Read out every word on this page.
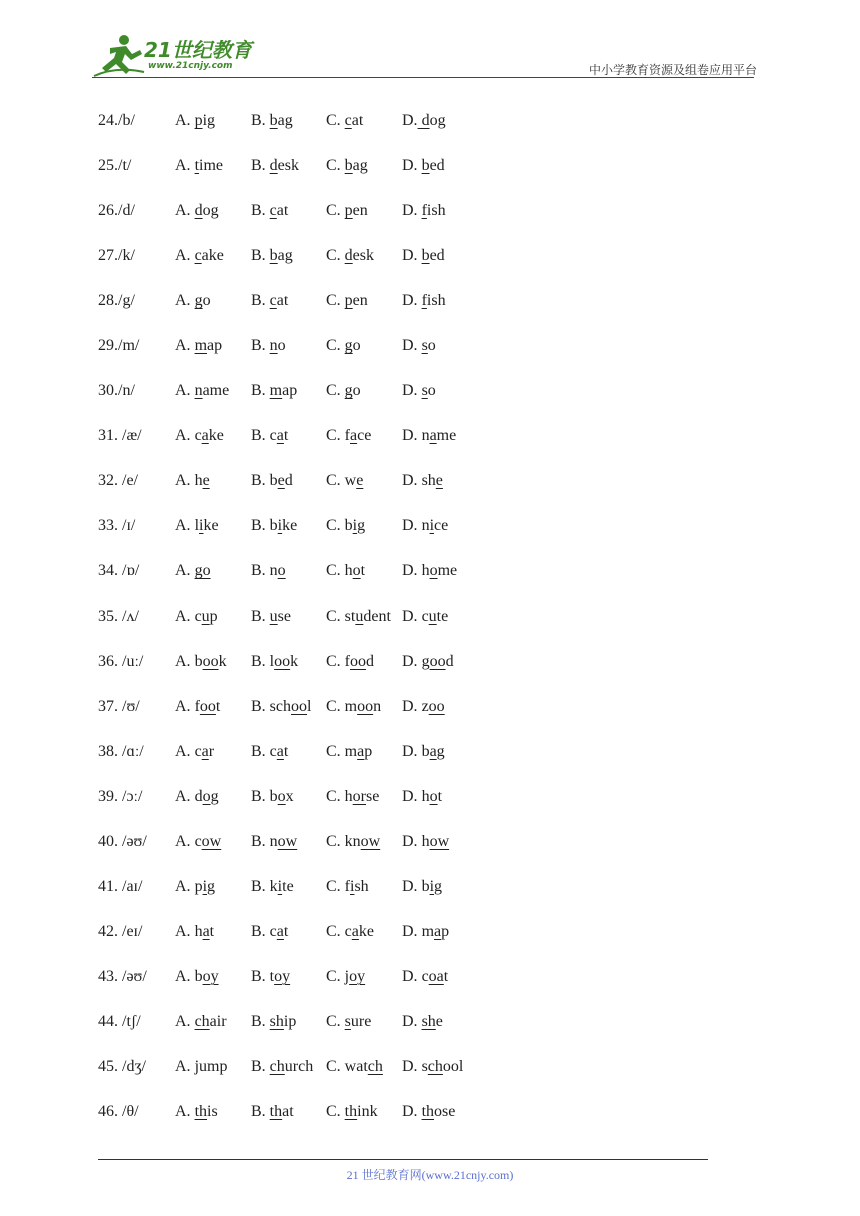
21世纪教育
www.21cnjy.com	中小学教育资源及组卷应用平台
24./b/	A. pig B. bag C. cat D. dog
25./t/	A. time B. desk C. bag D. bed
26./d/	A. dog B. cat C. pen D. fish
27./k/	A. cake B. bag C. desk D. bed
28./g/	A. go	B. cat C. pen D. fish
29./m/ A. map B. no	C. go	D. so
30./n/	A. name B. map C. go	D. so
31. /æ/ A. cake B. cat C. face D. name
32. /e/ A. he	B. bed C. we D. she
33. /ɪ/ A. like B. bike C. big D. nice
34. /ɒ/ A. go	B. no	C. hot D. home
35. /ʌ/ A. cup B. use C. student D. cute
36. /uː/ A. book B. look C. food D. good
37. /ʊ/ A. foot B. school C. moon D. zoo
38. /ɑː/ A. car B. cat C. map D. bag
39. /ɔː/ A. dog B. box C. horse D. hot
40. /əʊ/ A. cow B. now C. know D. how
41. /aɪ/ A. pig B. kite C. fish D. big
42. /eɪ/ A. hat B. cat C. cake D. map
43. /əʊ/ A. boy B. toy C. joy D. coat
44. /tʃ/ A. chair B. ship C. sure D. she
45. /dʒ/ A. jump B. church C. watch D. school
46. /θ/ A. this B. that C. think D. those
21 世纪教育网(www.21cnjy.com)
